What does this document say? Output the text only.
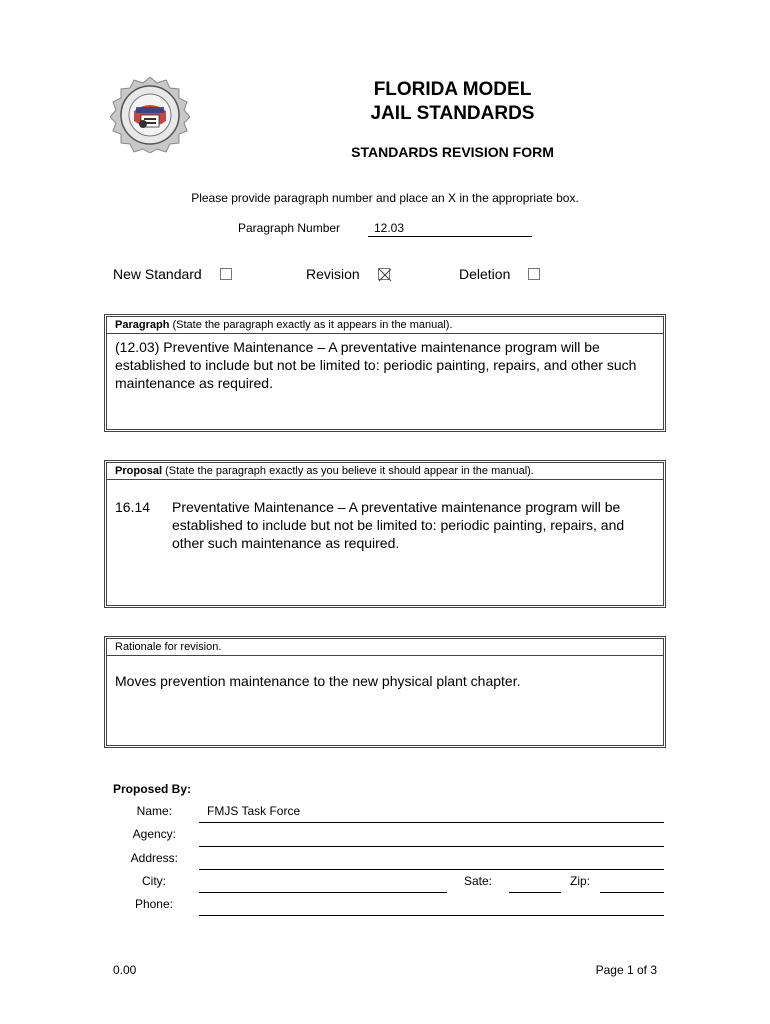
FLORIDA MODEL
JAIL STANDARDS
STANDARDS REVISION FORM
Please provide paragraph number and place an X in the appropriate box.
Paragraph Number	12.03
New Standard	Revision	Deletion
Paragraph (State the paragraph exactly as it appears in the manual).
(12.03) Preventive Maintenance – A preventative maintenance program will be established to include but not be limited to: periodic painting, repairs, and other such maintenance as required.
Proposal (State the paragraph exactly as you believe it should appear in the manual).
16.14	Preventative Maintenance – A preventative maintenance program will be established to include but not be limited to: periodic painting, repairs, and other such maintenance as required.
Rationale for revision.
Moves prevention maintenance to the new physical plant chapter.
Proposed By:
Name:	FMJS Task Force
Agency:
Address:
City:	Sate:	Zip:
Phone:
0.00	Page 1 of 3
